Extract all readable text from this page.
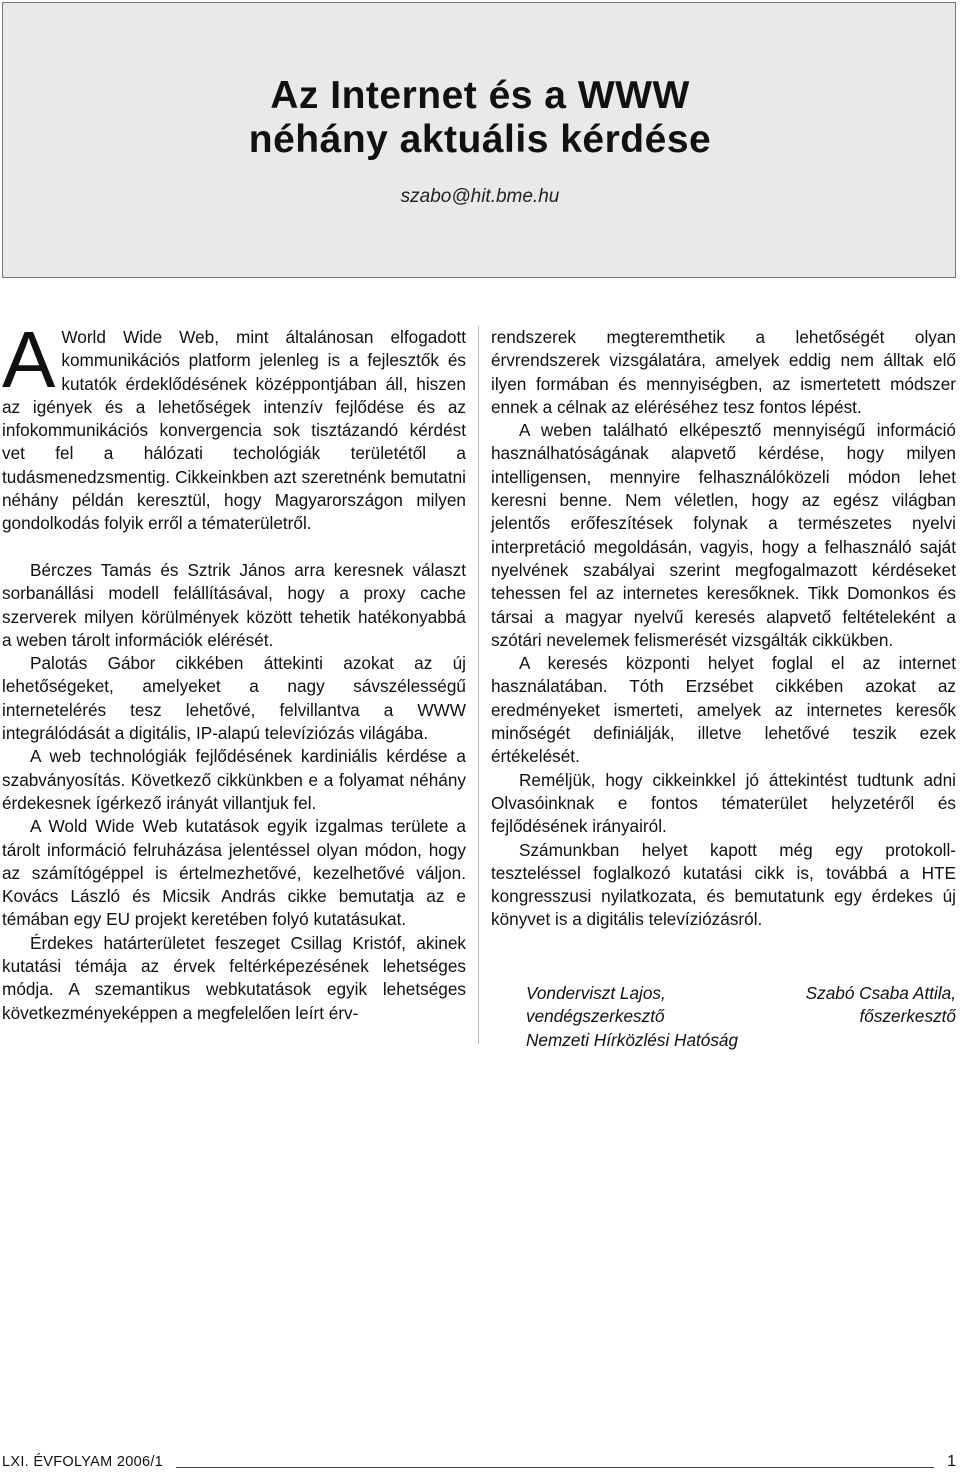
Az Internet és a WWW
néhány aktuális kérdése
szabo@hit.bme.hu

A World Wide Web, mint általánosan elfogadott kommunikációs platform jelenleg is a fejlesztők és kutatók érdeklődésének középpontjában áll, hiszen az igények és a lehetőségek intenzív fejlődése és az infokommunikációs konvergencia sok tisztázandó kérdést vet fel a hálózati techológiák területétől a tudásmenedzsmentig. Cikkeinkben azt szeretnénk bemutatni néhány példán keresztül, hogy Magyarországon milyen gondolkodás folyik erről a tématerületről.

Bérczes Tamás és Sztrik János arra keresnek választ sorbanállási modell felállításával, hogy a proxy cache szerverek milyen körülmények között tehetik hatékonyabbá a weben tárolt információk elérését.

Palotás Gábor cikkében áttekinti azokat az új lehetőségeket, amelyeket a nagy sávszélességű internetelérés tesz lehetővé, felvillantva a WWW integrálódását a digitális, IP-alapú televíziózás világába.

A web technológiák fejlődésének kardiniális kérdése a szabványosítás. Következő cikkünkben e a folyamat néhány érdekesnek ígérkező irányát villantjuk fel.

A Wold Wide Web kutatások egyik izgalmas területe a tárolt információ felruházása jelentéssel olyan módon, hogy az számítógéppel is értelmezhetővé, kezelhetővé váljon. Kovács László és Micsik András cikke bemutatja az e témában egy EU projekt keretében folyó kutatásukat.

Érdekes határterületet feszeget Csillag Kristóf, akinek kutatási témája az érvek feltérképezésének lehetséges módja. A szemantikus webkutatások egyik lehetséges következményeképpen a megfelelően leírt érv-

rendszerek megteremthetik a lehetőségét olyan érvrendszerek vizsgálatára, amelyek eddig nem álltak elő ilyen formában és mennyiségben, az ismertetett módszer ennek a célnak az eléréséhez tesz fontos lépést.

A weben található elképesztő mennyiségű információ használhatóságának alapvető kérdése, hogy milyen intelligensen, mennyire felhasználóközeli módon lehet keresni benne. Nem véletlen, hogy az egész világban jelentős erőfeszítések folynak a természetes nyelvi interpretáció megoldásán, vagyis, hogy a felhasználó saját nyelvének szabályai szerint megfogalmazott kérdéseket tehessen fel az internetes keresőknek. Tikk Domonkos és társai a magyar nyelvű keresés alapvető feltételeként a szótári nevelemek felismerését vizsgálták cikkükben.

A keresés központi helyet foglal el az internet használatában. Tóth Erzsébet cikkében azokat az eredményeket ismerteti, amelyek az internetes keresők minőségét definiálják, illetve lehetővé teszik ezek értékelését.

Reméljük, hogy cikkeinkkel jó áttekintést tudtunk adni Olvasóinknak e fontos tématerület helyzetéről és fejlődésének irányairól.

Számunkban helyet kapott még egy protokoll-teszteléssel foglalkozó kutatási cikk is, továbbá a HTE kongresszusi nyilatkozata, és bemutatunk egy érdekes új könyvet is a digitális televíziózásról.

Vonderviszt Lajos,	Szabó Csaba Attila,
vendégszerkesztő	főszerkesztő
Nemzeti Hírközlési Hatóság
LXI. ÉVFOLYAM 2006/1	1
